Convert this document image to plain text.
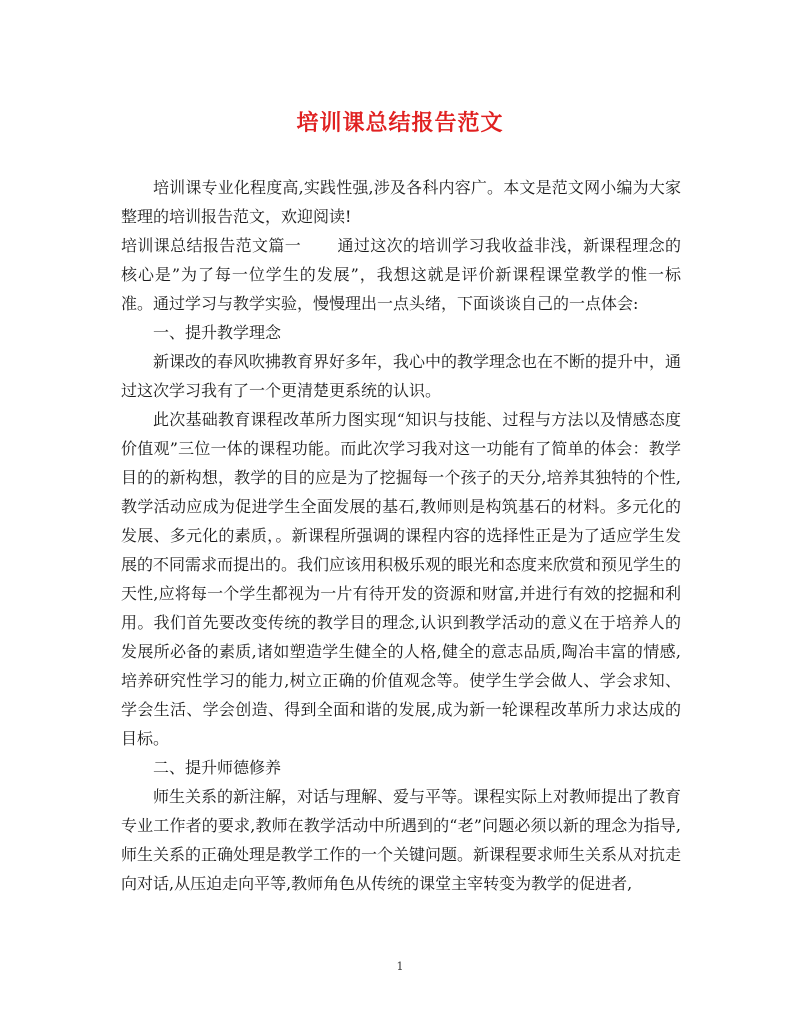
培训课总结报告范文

培训课专业化程度高,实践性强,涉及各科内容广。本文是范文网小编为大家整理的培训报告范文，欢迎阅读!

培训课总结报告范文篇一 通过这次的培训学习我收益非浅，新课程理念的核心是”为了每一位学生的发展”，我想这就是评价新课程课堂教学的惟一标准。通过学习与教学实验，慢慢理出一点头绪，下面谈谈自己的一点体会:

一、提升教学理念

新课改的春风吹拂教育界好多年，我心中的教学理念也在不断的提升中，通过这次学习我有了一个更清楚更系统的认识。

此次基础教育课程改革所力图实现“知识与技能、过程与方法以及情感态度价值观”三位一体的课程功能。而此次学习我对这一功能有了简单的体会：教学目的的新构想，教学的目的应是为了挖掘每一个孩子的天分,培养其独特的个性,教学活动应成为促进学生全面发展的基石,教师则是构筑基石的材料。多元化的发展、多元化的素质，。新课程所强调的课程内容的选择性正是为了适应学生发展的不同需求而提出的。我们应该用积极乐观的眼光和态度来欣赏和预见学生的天性,应将每一个学生都视为一片有待开发的资源和财富,并进行有效的挖掘和利用。我们首先要改变传统的教学目的理念,认识到教学活动的意义在于培养人的发展所必备的素质,诸如塑造学生健全的人格,健全的意志品质,陶冶丰富的情感,培养研究性学习的能力,树立正确的价值观念等。使学生学会做人、学会求知、学会生活、学会创造、得到全面和谐的发展,成为新一轮课程改革所力求达成的目标。

二、提升师德修养

师生关系的新注解，对话与理解、爱与平等。课程实际上对教师提出了教育专业工作者的要求,教师在教学活动中所遇到的“老”问题必须以新的理念为指导,师生关系的正确处理是教学工作的一个关键问题。新课程要求师生关系从对抗走向对话,从压迫走向平等,教师角色从传统的课堂主宰转变为教学的促进者,

1
